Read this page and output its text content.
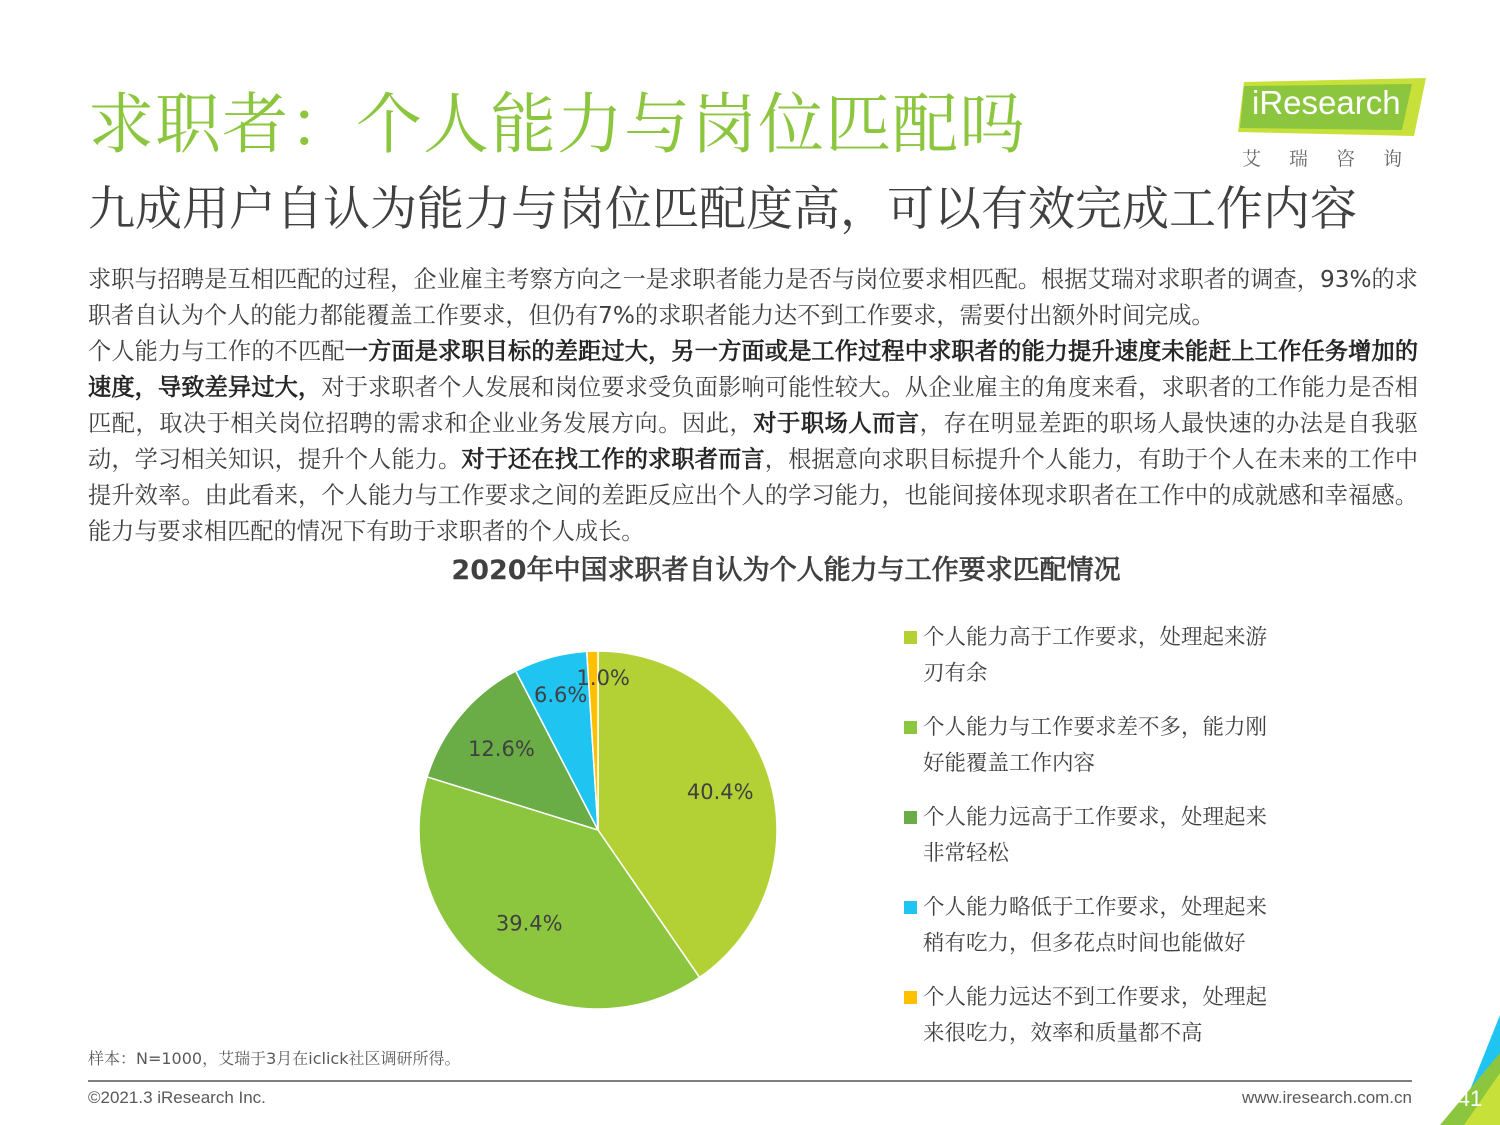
求职者：个人能力与岗位匹配吗
九成用户自认为能力与岗位匹配度高，可以有效完成工作内容
iResearch
艾瑞咨询

求职与招聘是互相匹配的过程，企业雇主考察方向之一是求职者能力是否与岗位要求相匹配。根据艾瑞对求职者的调查，93%的求职者自认为个人的能力都能覆盖工作要求，但仍有7%的求职者能力达不到工作要求，需要付出额外时间完成。

个人能力与工作的不匹配一方面是求职目标的差距过大，另一方面或是工作过程中求职者的能力提升速度未能赶上工作任务增加的速度，导致差异过大，对于求职者个人发展和岗位要求受负面影响可能性较大。从企业雇主的角度来看，求职者的工作能力是否相匹配，取决于相关岗位招聘的需求和企业业务发展方向。因此，对于职场人而言，存在明显差距的职场人最快速的办法是自我驱动，学习相关知识，提升个人能力。对于还在找工作的求职者而言，根据意向求职目标提升个人能力，有助于个人在未来的工作中提升效率。由此看来，个人能力与工作要求之间的差距反应出个人的学习能力，也能间接体现求职者在工作中的成就感和幸福感。能力与要求相匹配的情况下有助于求职者的个人成长。

2020年中国求职者自认为个人能力与工作要求匹配情况
40.4%
39.4%
12.6%
6.6%
1.0%
个人能力高于工作要求，处理起来游刃有余
个人能力与工作要求差不多，能力刚好能覆盖工作内容
个人能力远高于工作要求，处理起来非常轻松
个人能力略低于工作要求，处理起来稍有吃力，但多花点时间也能做好
个人能力远达不到工作要求，处理起来很吃力，效率和质量都不高
样本：N=1000，艾瑞于3月在iclick社区调研所得。
©2021.3 iResearch Inc.	www.iresearch.com.cn	41
